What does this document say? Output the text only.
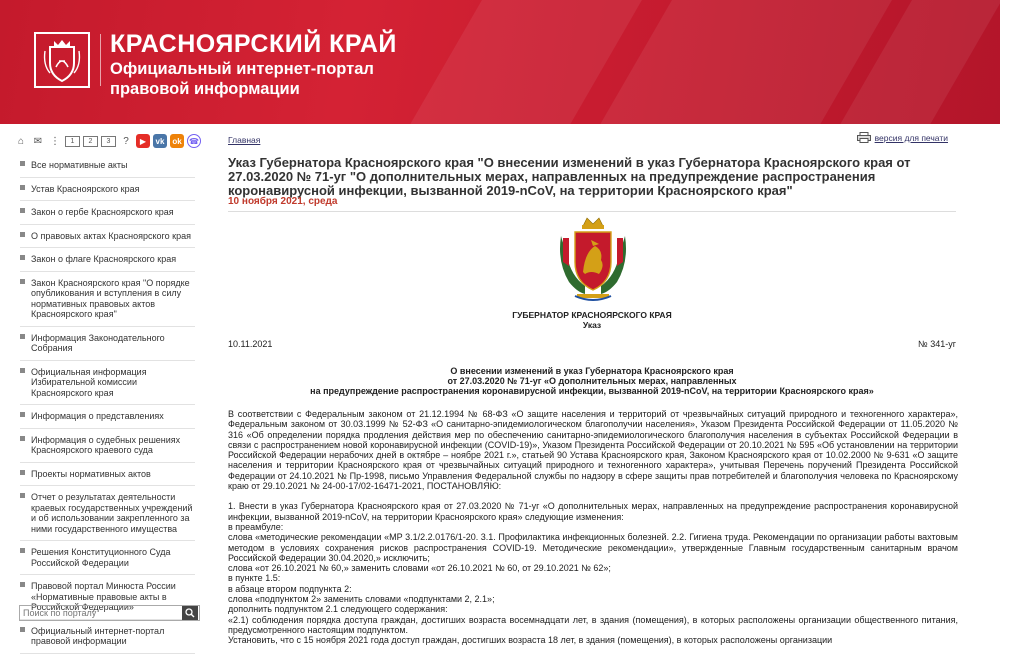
КРАСНОЯРСКИЙ КРАЙ
Официальный интернет-портал
правовой информации
⌂ ✉ ⋮	1	2	3	?	▶	vk ok ☎
Все нормативные акты
Устав Красноярского края
Закон о гербе Красноярского края
О правовых актах Красноярского края
Закон о флаге Красноярского края
Закон Красноярского края "О порядке опубликования и вступления в силу нормативных правовых актов Красноярского края"
Информация Законодательного Собрания
Официальная информация Избирательной комиссии Красноярского края
Информация о представлениях
Информация о судебных решениях Красноярского краевого суда
Проекты нормативных актов
Отчет о результатах деятельности краевых государственных учреждений и об использовании закрепленного за ними государственного имущества
Решения Конституционного Суда Российской Федерации
Правовой портал Минюста России «Нормативные правовые акты в Российской Федерации»
Официальный интернет-портал правовой информации
Поиск по порталу
Главная	версия для печати
Указ Губернатора Красноярского края "О внесении изменений в указ Губернатора Красноярского края от 27.03.2020 № 71-уг "О дополнительных мерах, направленных на предупреждение распространения коронавирусной инфекции, вызванной 2019-nCoV, на территории Красноярского края"
10 ноября 2021, среда
ГУБЕРНАТОР КРАСНОЯРСКОГО КРАЯ
Указ
10.11.2021	№ 341-уг
О внесении изменений в указ Губернатора Красноярского края
от 27.03.2020 № 71-уг «О дополнительных мерах, направленных
на предупреждение распространения коронавирусной инфекции, вызванной 2019-nCoV, на территории Красноярского края»

В соответствии с Федеральным законом от 21.12.1994 № 68-ФЗ «О защите населения и территорий от чрезвычайных ситуаций природного и техногенного характера», Федеральным законом от 30.03.1999 № 52-ФЗ «О санитарно-эпидемиологическом благополучии населения», Указом Президента Российской Федерации от 11.05.2020 № 316 «Об определении порядка продления действия мер по обеспечению санитарно-эпидемиологического благополучия населения в субъектах Российской Федерации в связи с распространением новой коронавирусной инфекции (COVID-19)», Указом Президента Российской Федерации от 20.10.2021 № 595 «Об установлении на территории Российской Федерации нерабочих дней в октябре – ноябре 2021 г.», статьей 90 Устава Красноярского края, Законом Красноярского края от 10.02.2000 № 9-631 «О защите населения и территории Красноярского края от чрезвычайных ситуаций природного и техногенного характера», учитывая Перечень поручений Президента Российской Федерации от 24.10.2021 № Пр-1998, письмо Управления Федеральной службы по надзору в сфере защиты прав потребителей и благополучия человека по Красноярскому краю от 29.10.2021 № 24-00-17/02-16471-2021, ПОСТАНОВЛЯЮ:

1. Внести в указ Губернатора Красноярского края от 27.03.2020 № 71-уг «О дополнительных мерах, направленных на предупреждение распространения коронавирусной инфекции, вызванной 2019-nCoV, на территории Красноярского края» следующие изменения:

в преамбуле:

слова «методические рекомендации «МР 3.1/2.2.0176/1-20. 3.1. Профилактика инфекционных болезней. 2.2. Гигиена труда. Рекомендации по организации работы вахтовым методом в условиях сохранения рисков распространения COVID-19. Методические рекомендации», утвержденные Главным государственным санитарным врачом Российской Федерации 30.04.2020,» исключить;

слова «от 26.10.2021 № 60,» заменить словами «от 26.10.2021 № 60, от 29.10.2021 № 62»;

в пункте 1.5:

в абзаце втором подпункта 2:

слова «подпунктом 2» заменить словами «подпунктами 2, 2.1»;

дополнить подпунктом 2.1 следующего содержания:

«2.1) соблюдения порядка доступа граждан, достигших возраста восемнадцати лет, в здания (помещения), в которых расположены организации общественного питания, предусмотренного настоящим подпунктом.

Установить, что с 15 ноября 2021 года доступ граждан, достигших возраста 18 лет, в здания (помещения), в которых расположены организации
